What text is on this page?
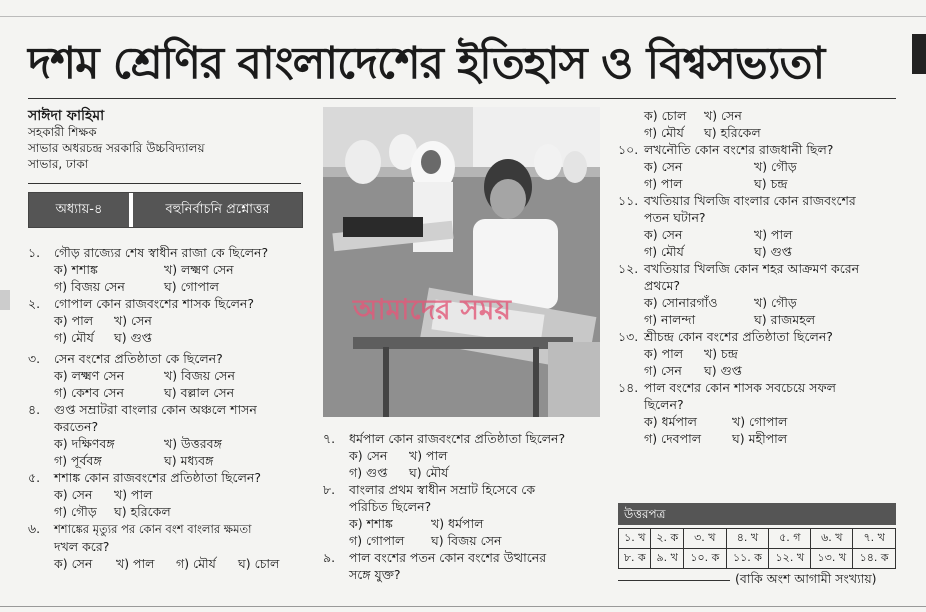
দশম শ্রেণির বাংলাদেশের ইতিহাস ও বিশ্বসভ্যতা
সাঈদা ফাহিমা
সহকারী শিক্ষক
সাভার অধরচন্দ্র সরকারি উচ্চবিদ্যালয়
সাভার, ঢাকা
অধ্যায়-৪	বহুনির্বাচনি প্রশ্নোত্তর
আমাদের সময়
১. গৌড় রাজ্যের শেষ স্বাধীন রাজা কে ছিলেন?
ক) শশাঙ্ক	খ) লক্ষ্মণ সেন
গ) বিজয় সেন	ঘ) গোপাল
২. গোপাল কোন রাজবংশের শাসক ছিলেন?
ক) পাল খ) সেন
গ) মৌর্য ঘ) গুপ্ত
৩. সেন বংশের প্রতিষ্ঠাতা কে ছিলেন?
ক) লক্ষ্মণ সেন	খ) বিজয় সেন
গ) কেশব সেন	ঘ) বল্লাল সেন
৪. গুপ্ত সম্রাটরা বাংলার কোন অঞ্চলে শাসন
করতেন?
ক) দক্ষিণবঙ্গ	খ) উত্তরবঙ্গ
গ) পূর্ববঙ্গ	ঘ) মধ্যবঙ্গ
৫. শশাঙ্ক কোন রাজবংশের প্রতিষ্ঠাতা ছিলেন?
ক) সেন খ) পাল
গ) গৌড় ঘ) হরিকেল
৬. শশাঙ্কের মৃত্যুর পর কোন বংশ বাংলার ক্ষমতা
দখল করে?
ক) সেন খ) পাল গ) মৌর্য ঘ) চোল
৭. ধর্মপাল কোন রাজবংশের প্রতিষ্ঠাতা ছিলেন?
ক) সেন খ) পাল
গ) গুপ্ত ঘ) মৌর্য
৮. বাংলার প্রথম স্বাধীন সম্রাট হিসেবে কে
পরিচিত ছিলেন?
ক) শশাঙ্ক	খ) ধর্মপাল
গ) গোপাল ঘ) বিজয় সেন
৯. পাল বংশের পতন কোন বংশের উত্থানের
সঙ্গে যুক্ত?
ক) চোল খ) সেন
গ) মৌর্য ঘ) হরিকেল
১০. লখনৌতি কোন বংশের রাজধানী ছিল?
ক) সেন	খ) গৌড়
গ) পাল	ঘ) চন্দ্র
১১. বখতিয়ার খিলজি বাংলার কোন রাজবংশের
পতন ঘটান?
ক) সেন	খ) পাল
গ) মৌর্য	ঘ) গুপ্ত
১২. বখতিয়ার খিলজি কোন শহর আক্রমণ করেন
প্রথমে?
ক) সোনারগাঁও	খ) গৌড়
গ) নালন্দা	ঘ) রাজমহল
১৩. শ্রীচন্দ্র কোন বংশের প্রতিষ্ঠাতা ছিলেন?
ক) পাল খ) চন্দ্র
গ) সেন ঘ) গুপ্ত
১৪. পাল বংশের কোন শাসক সবচেয়ে সফল
ছিলেন?
ক) ধর্মপাল	খ) গোপাল
গ) দেবপাল ঘ) মহীপাল
উত্তরপত্র
১. খ	২. ক	৩. খ	৪. খ	৫. গ	৬. খ	৭. খ
৮. ক	৯. খ	১০. ক	১১. ক	১২. খ	১৩. খ	১৪. ক
(বাকি অংশ আগামী সংখ্যায়)
